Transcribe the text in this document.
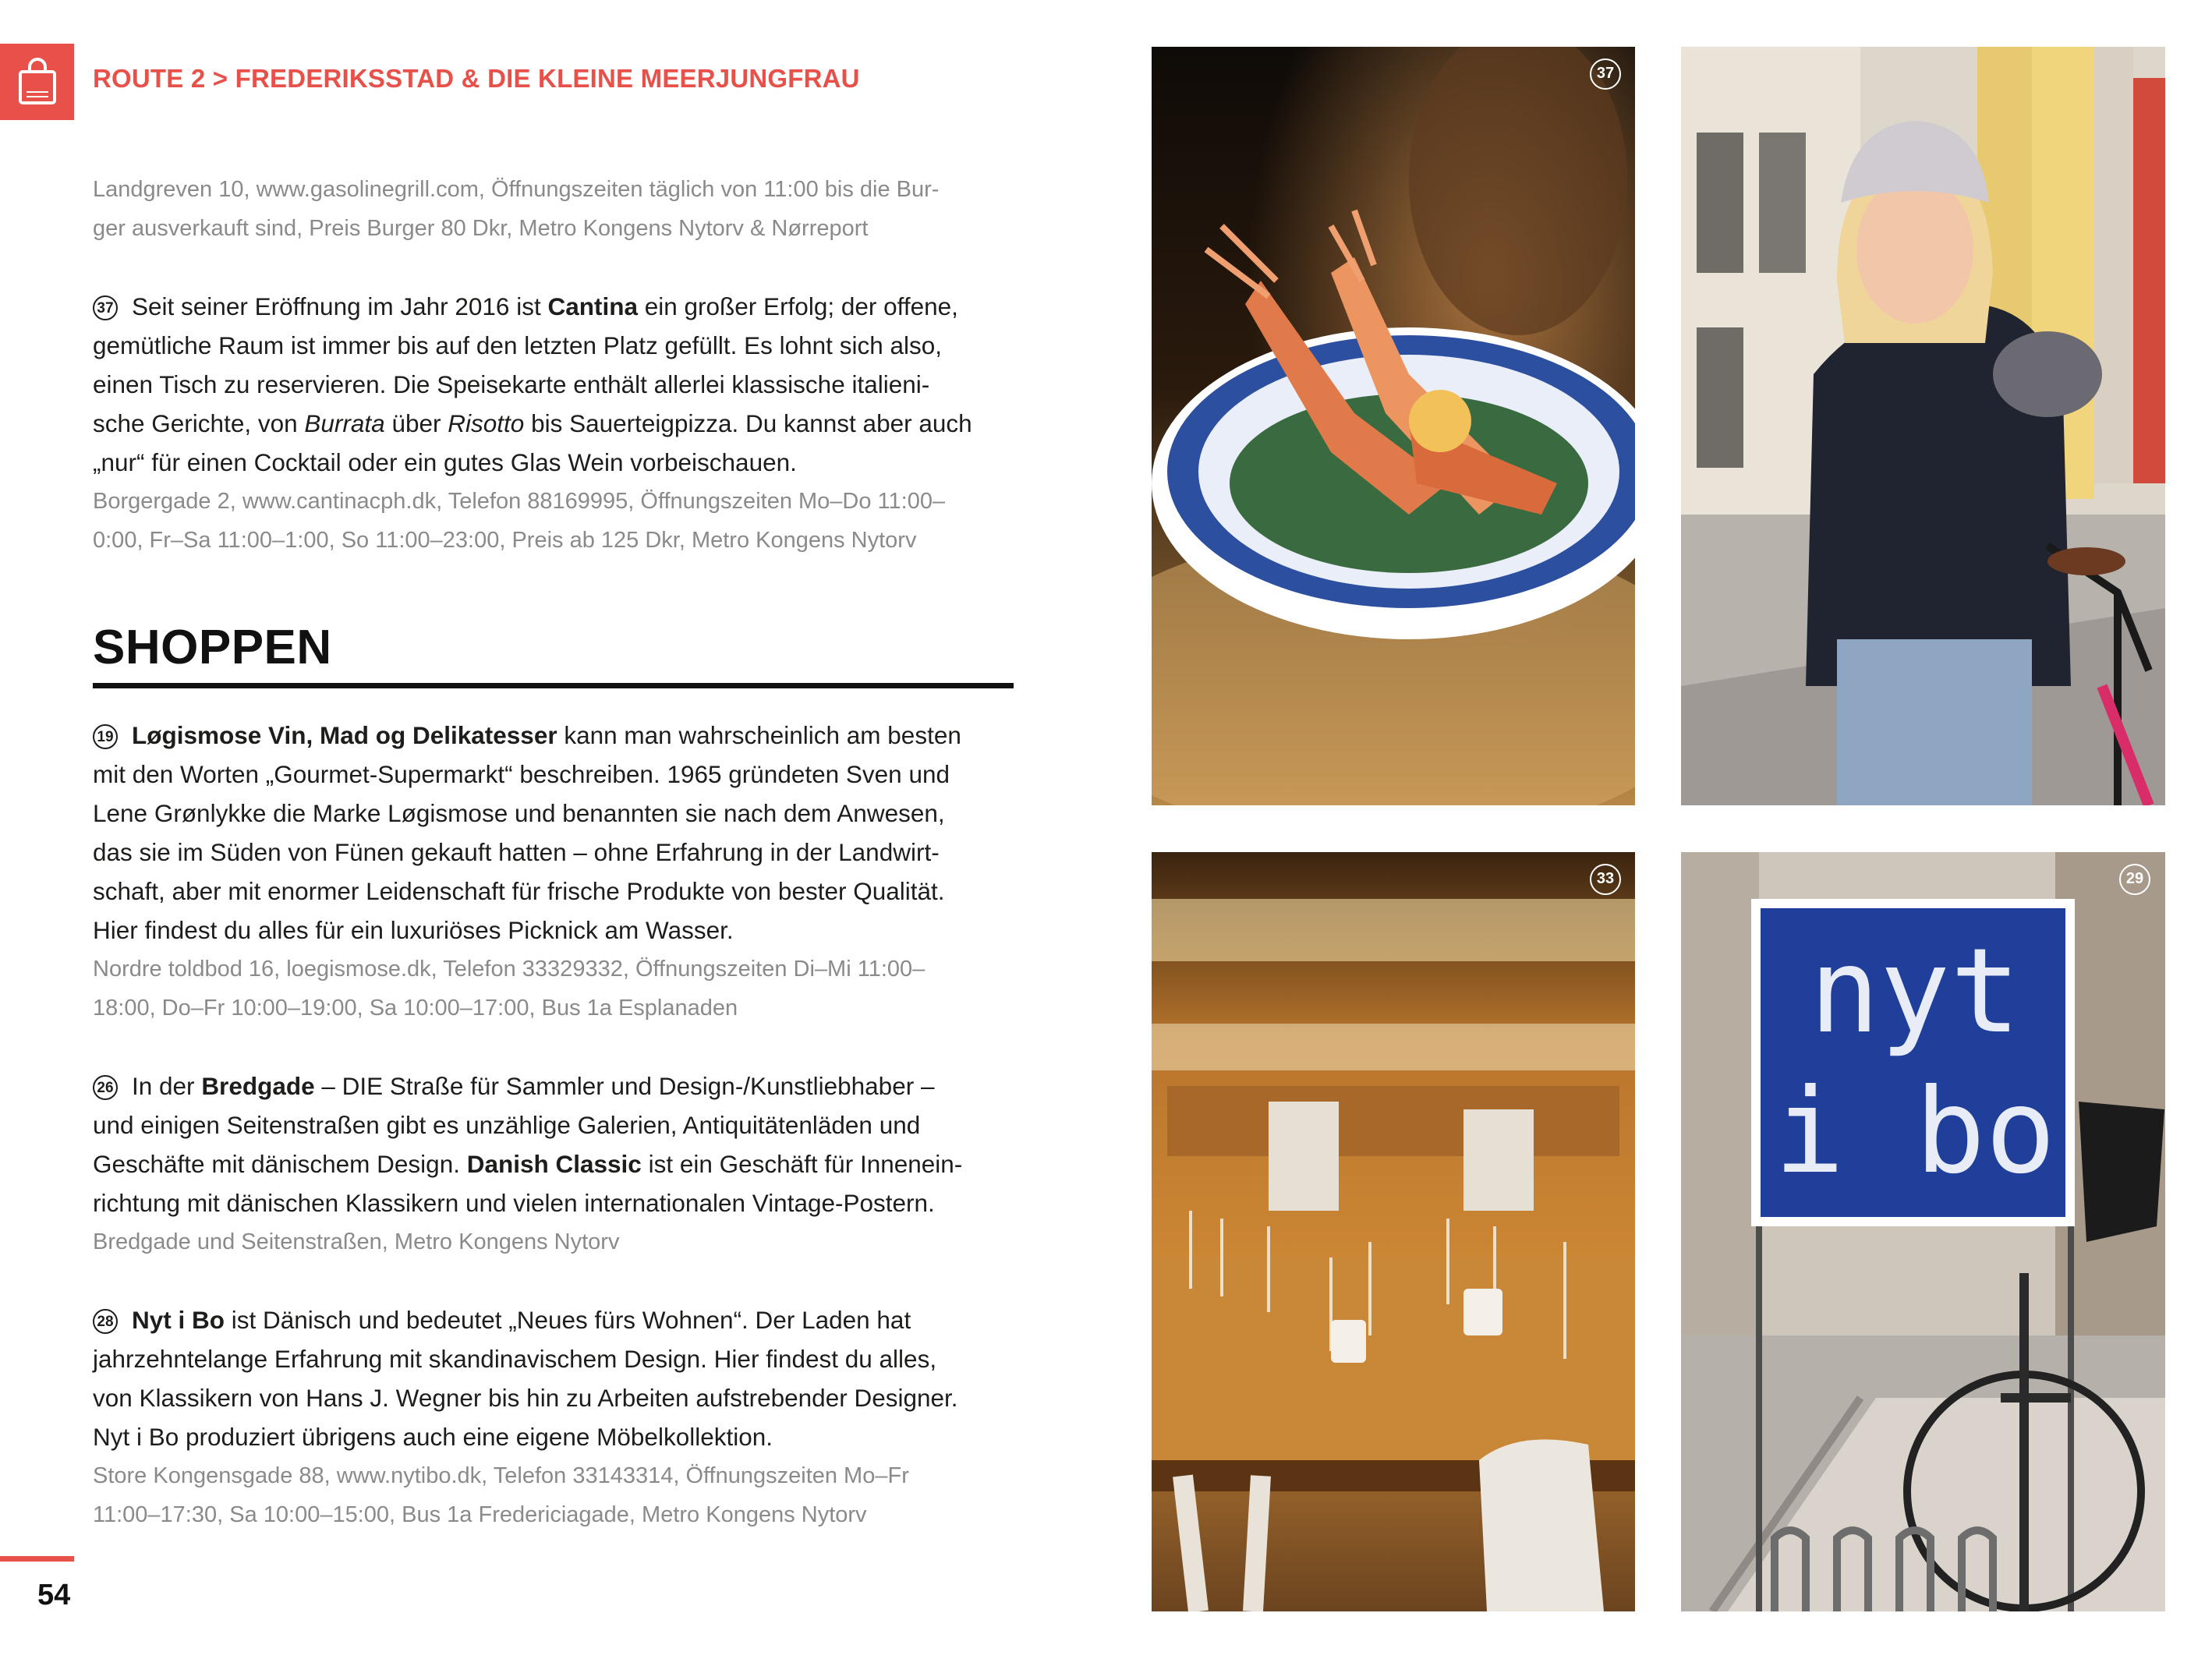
ROUTE 2 > FREDERIKSSTAD & DIE KLEINE MEERJUNGFRAU
Landgreven 10, www.gasolinegrill.com, Öffnungszeiten täglich von 11:00 bis die Bur-
ger ausverkauft sind, Preis Burger 80 Dkr, Metro Kongens Nytorv & Nørreport
37 Seit seiner Eröffnung im Jahr 2016 ist Cantina ein großer Erfolg; der offene,
gemütliche Raum ist immer bis auf den letzten Platz gefüllt. Es lohnt sich also,
einen Tisch zu reservieren. Die Speisekarte enthält allerlei klassische italieni-
sche Gerichte, von Burrata über Risotto bis Sauerteigpizza. Du kannst aber auch
„nur“ für einen Cocktail oder ein gutes Glas Wein vorbeischauen.
Borgergade 2, www.cantinacph.dk, Telefon 88169995, Öffnungszeiten Mo–Do 11:00–
0:00, Fr–Sa 11:00–1:00, So 11:00–23:00, Preis ab 125 Dkr, Metro Kongens Nytorv
SHOPPEN
19 Løgismose Vin, Mad og Delikatesser kann man wahrscheinlich am besten
mit den Worten „Gourmet-Supermarkt“ beschreiben. 1965 gründeten Sven und
Lene Grønlykke die Marke Løgismose und benannten sie nach dem Anwesen,
das sie im Süden von Fünen gekauft hatten – ohne Erfahrung in der Landwirt-
schaft, aber mit enormer Leidenschaft für frische Produkte von bester Qualität.
Hier findest du alles für ein luxuriöses Picknick am Wasser.
Nordre toldbod 16, loegismose.dk, Telefon 33329332, Öffnungszeiten Di–Mi 11:00–
18:00, Do–Fr 10:00–19:00, Sa 10:00–17:00, Bus 1a Esplanaden
26 In der Bredgade – DIE Straße für Sammler und Design-/Kunstliebhaber –
und einigen Seitenstraßen gibt es unzählige Galerien, Antiquitätenläden und
Geschäfte mit dänischem Design. Danish Classic ist ein Geschäft für Innenein-
richtung mit dänischen Klassikern und vielen internationalen Vintage-Postern.
Bredgade und Seitenstraßen, Metro Kongens Nytorv
28 Nyt i Bo ist Dänisch und bedeutet „Neues fürs Wohnen“. Der Laden hat
jahrzehntelange Erfahrung mit skandinavischem Design. Hier findest du alles,
von Klassikern von Hans J. Wegner bis hin zu Arbeiten aufstrebender Designer.
Nyt i Bo produziert übrigens auch eine eigene Möbelkollektion.
Store Kongensgade 88, www.nytibo.dk, Telefon 33143314, Öffnungszeiten Mo–Fr
11:00–17:30, Sa 10:00–15:00, Bus 1a Fredericiagade, Metro Kongens Nytorv
54
37
33
nyt
i bo
29
